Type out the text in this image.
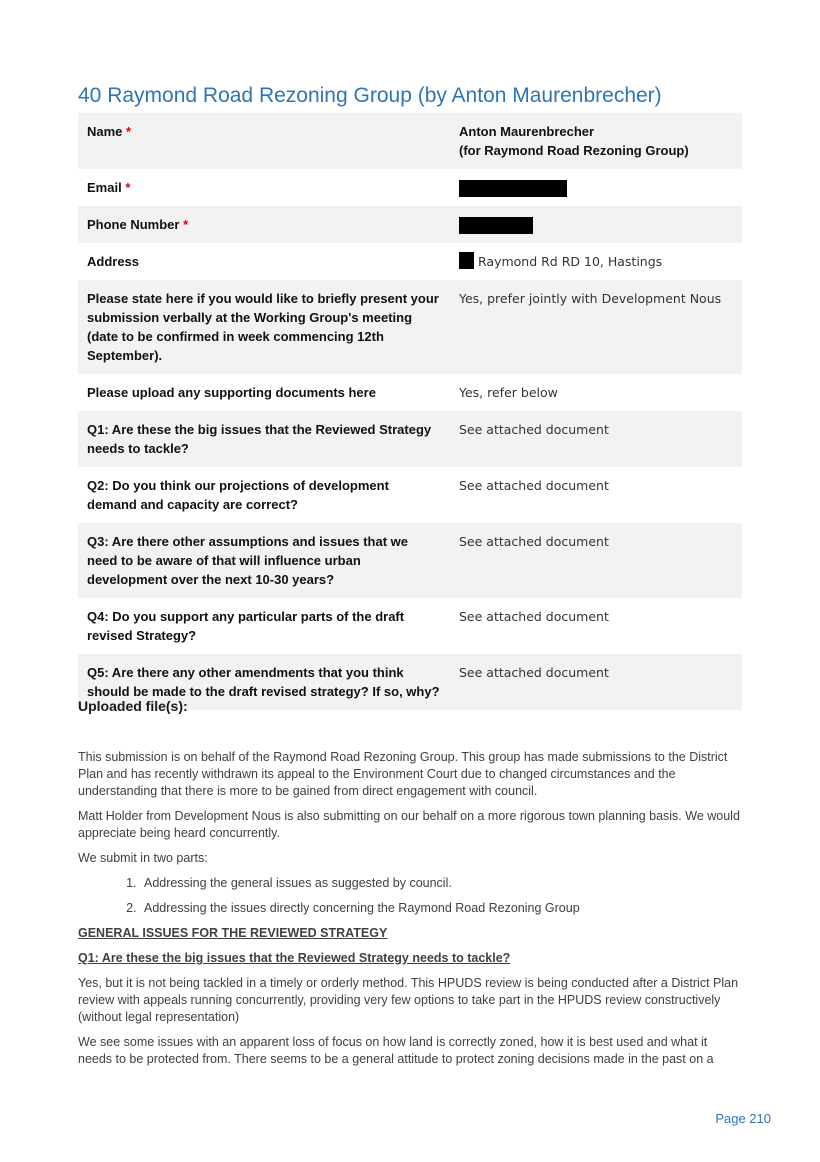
40 Raymond Road Rezoning Group (by Anton Maurenbrecher)
Name *	Anton Maurenbrecher
(for Raymond Road Rezoning Group)
Email *	
Phone Number *	
Address	Raymond Rd RD 10, Hastings
Please state here if you would like to briefly present your submission verbally at the Working Group's meeting (date to be confirmed in week commencing 12th September).	Yes, prefer jointly with Development Nous
Please upload any supporting documents here	Yes, refer below
Q1: Are these the big issues that the Reviewed Strategy needs to tackle?	See attached document
Q2: Do you think our projections of development demand and capacity are correct?	See attached document
Q3: Are there other assumptions and issues that we need to be aware of that will influence urban development over the next 10-30 years?	See attached document
Q4: Do you support any particular parts of the draft revised Strategy?	See attached document
Q5: Are there any other amendments that you think should be made to the draft revised strategy? If so, why?	See attached document
Uploaded file(s):

This submission is on behalf of the Raymond Road Rezoning Group. This group has made submissions to the District Plan and has recently withdrawn its appeal to the Environment Court due to changed circumstances and the understanding that there is more to be gained from direct engagement with council.

Matt Holder from Development Nous is also submitting on our behalf on a more rigorous town planning basis. We would appreciate being heard concurrently.

We submit in two parts:

1. Addressing the general issues as suggested by council.
2. Addressing the issues directly concerning the Raymond Road Rezoning Group

GENERAL ISSUES FOR THE REVIEWED STRATEGY

Q1: Are these the big issues that the Reviewed Strategy needs to tackle?

Yes, but it is not being tackled in a timely or orderly method. This HPUDS review is being conducted after a District Plan review with appeals running concurrently, providing very few options to take part in the HPUDS review constructively (without legal representation)

We see some issues with an apparent loss of focus on how land is correctly zoned, how it is best used and what it needs to be protected from. There seems to be a general attitude to protect zoning decisions made in the past on a

Page 210
